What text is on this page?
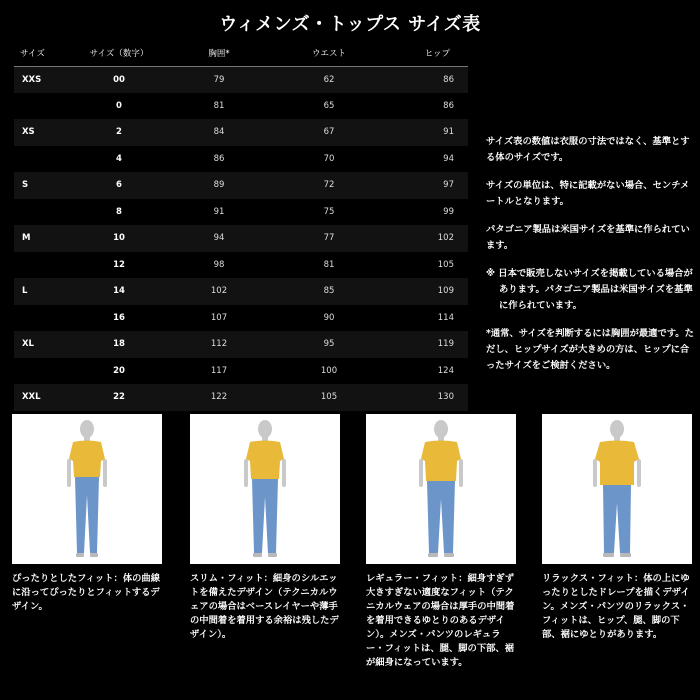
ウィメンズ・トップス サイズ表
サイズ	サイズ（数字）	胸囲*	ウエスト	ヒップ
XXS	00	79	62	86
	0	81	65	86
XS	2	84	67	91
	4	86	70	94
S	6	89	72	97
	8	91	75	99
M	10	94	77	102
	12	98	81	105
L	14	102	85	109
	16	107	90	114
XL	18	112	95	119
	20	117	100	124
XXL	22	122	105	130

サイズ表の数値は衣服の寸法ではなく、基準とする体のサイズです。

サイズの単位は、特に記載がない場合、センチメートルとなります。

パタゴニア製品は米国サイズを基準に作られています。

※ 日本で販売しないサイズを掲載している場合があります。パタゴニア製品は米国サイズを基準に作られています。

*通常、サイズを判断するには胸囲が最適です。ただし、ヒップサイズが大きめの方は、ヒップに合ったサイズをご検討ください。

ぴったりとしたフィット：体の曲線に沿ってぴったりとフィットするデザイン。

スリム・フィット：細身のシルエットを備えたデザイン（テクニカルウェアの場合はベースレイヤーや薄手の中間着を着用する余裕は残したデザイン）。

レギュラー・フィット：細身すぎず大きすぎない適度なフィット（テクニカルウェアの場合は厚手の中間着を着用できるゆとりのあるデザイン）。メンズ・パンツのレギュラー・フィットは、腿、脚の下部、裾が細身になっています。

リラックス・フィット：体の上にゆったりとしたドレープを描くデザイン。メンズ・パンツのリラックス・フィットは、ヒップ、腿、脚の下部、裾にゆとりがあります。
